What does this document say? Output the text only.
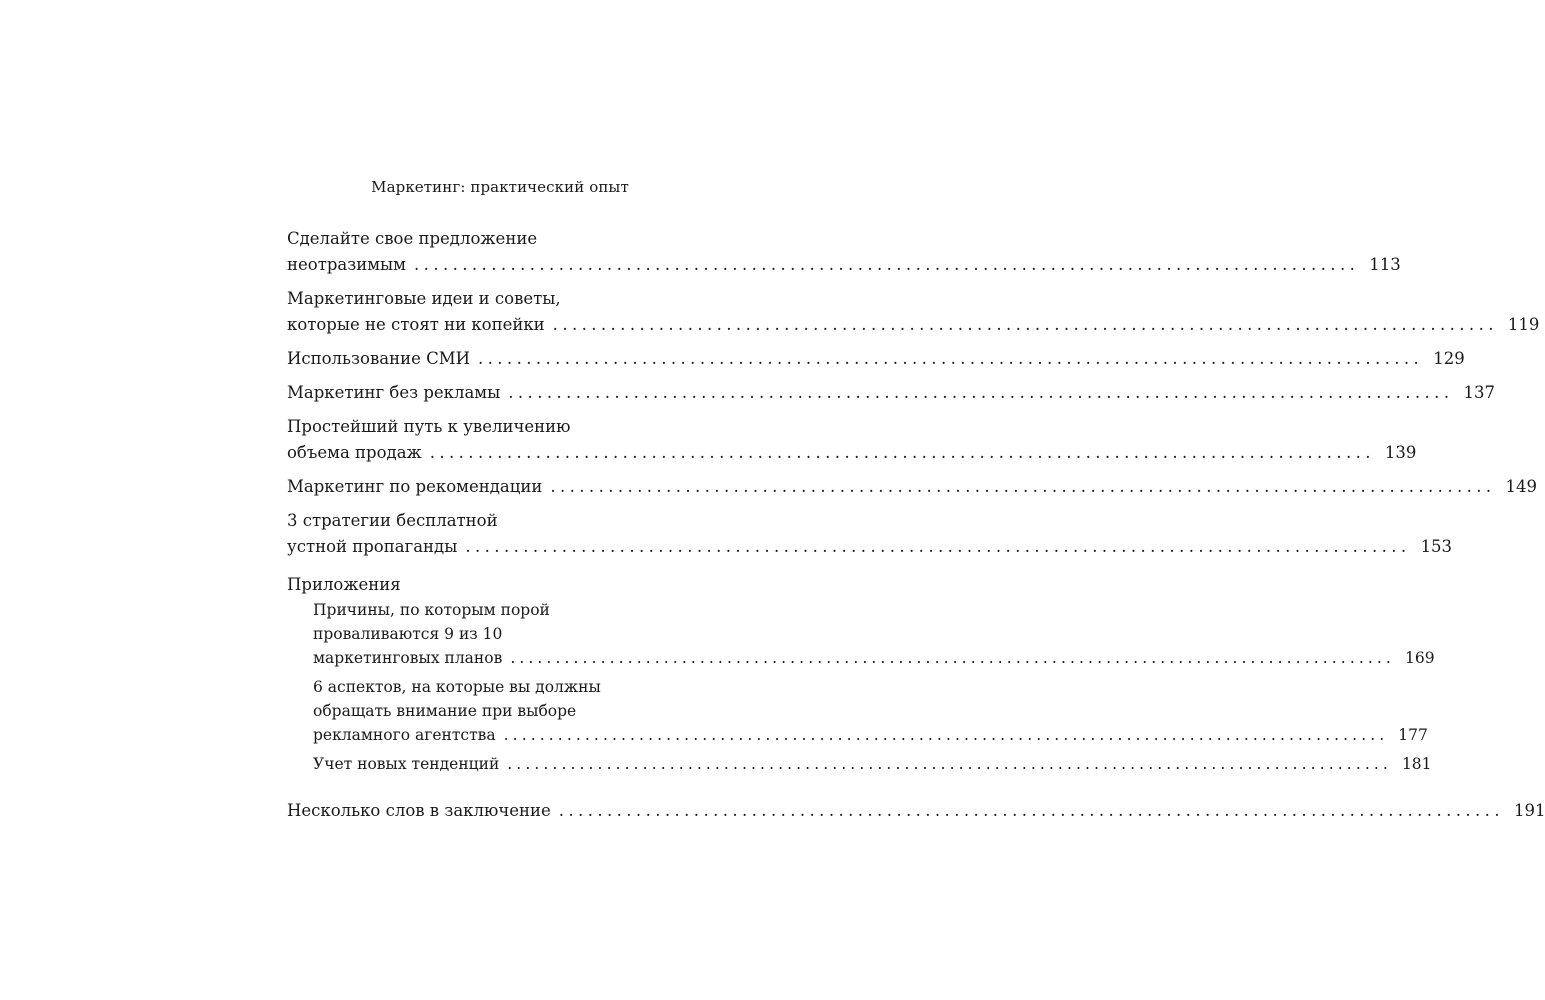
Маркетинг: практический опыт
Сделайте свое предложение
неотразимым .................................................................................................. 113
Маркетинговые идеи и советы,
которые не стоят ни копейки .................................................................................................. 119
Использование СМИ .................................................................................................. 129
Маркетинг без рекламы .................................................................................................. 137
Простейший путь к увеличению
объема продаж .................................................................................................. 139
Маркетинг по рекомендации .................................................................................................. 149
3 стратегии бесплатной
устной пропаганды .................................................................................................. 153
Приложения
Причины, по которым порой
проваливаются 9 из 10
маркетинговых планов .................................................................................................. 169
6 аспектов, на которые вы должны
обращать внимание при выборе
рекламного агентства .................................................................................................. 177
Учет новых тенденций .................................................................................................. 181
Несколько слов в заключение .................................................................................................. 191
